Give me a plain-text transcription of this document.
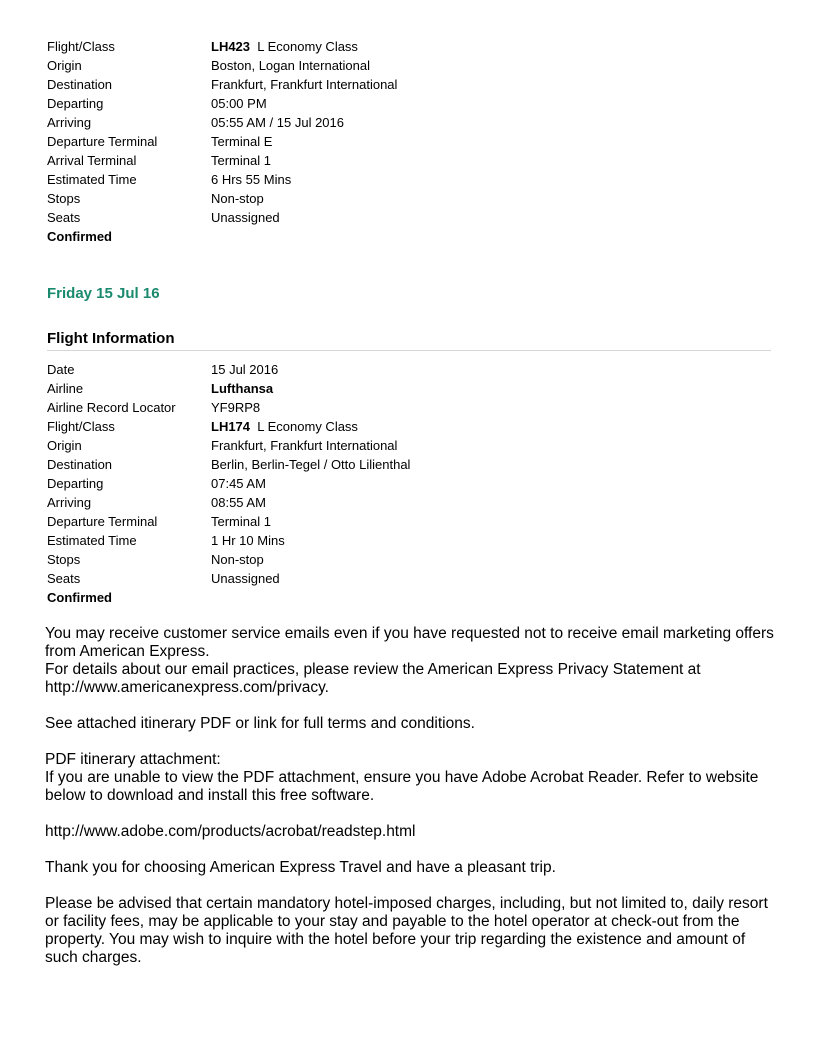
Flight/Class	LH423 L Economy Class
Origin	Boston, Logan International
Destination	Frankfurt, Frankfurt International
Departing	05:00 PM
Arriving	05:55 AM / 15 Jul 2016
Departure Terminal	Terminal E
Arrival Terminal	Terminal 1
Estimated Time	6 Hrs 55 Mins
Stops	Non-stop
Seats	Unassigned
Confirmed
Friday 15 Jul 16
Flight Information
Date	15 Jul 2016
Airline	Lufthansa
Airline Record Locator	YF9RP8
Flight/Class	LH174 L Economy Class
Origin	Frankfurt, Frankfurt International
Destination	Berlin, Berlin-Tegel / Otto Lilienthal
Departing	07:45 AM
Arriving	08:55 AM
Departure Terminal	Terminal 1
Estimated Time	1 Hr 10 Mins
Stops	Non-stop
Seats	Unassigned
Confirmed

You may receive customer service emails even if you have requested not to receive email marketing offers from American Express.
For details about our email practices, please review the American Express Privacy Statement at http://www.americanexpress.com/privacy.

See attached itinerary PDF or link for full terms and conditions.

PDF itinerary attachment:
If you are unable to view the PDF attachment, ensure you have Adobe Acrobat Reader. Refer to website below to download and install this free software.

http://www.adobe.com/products/acrobat/readstep.html

Thank you for choosing American Express Travel and have a pleasant trip.

Please be advised that certain mandatory hotel-imposed charges, including, but not limited to, daily resort or facility fees, may be applicable to your stay and payable to the hotel operator at check-out from the property. You may wish to inquire with the hotel before your trip regarding the existence and amount of such charges.
